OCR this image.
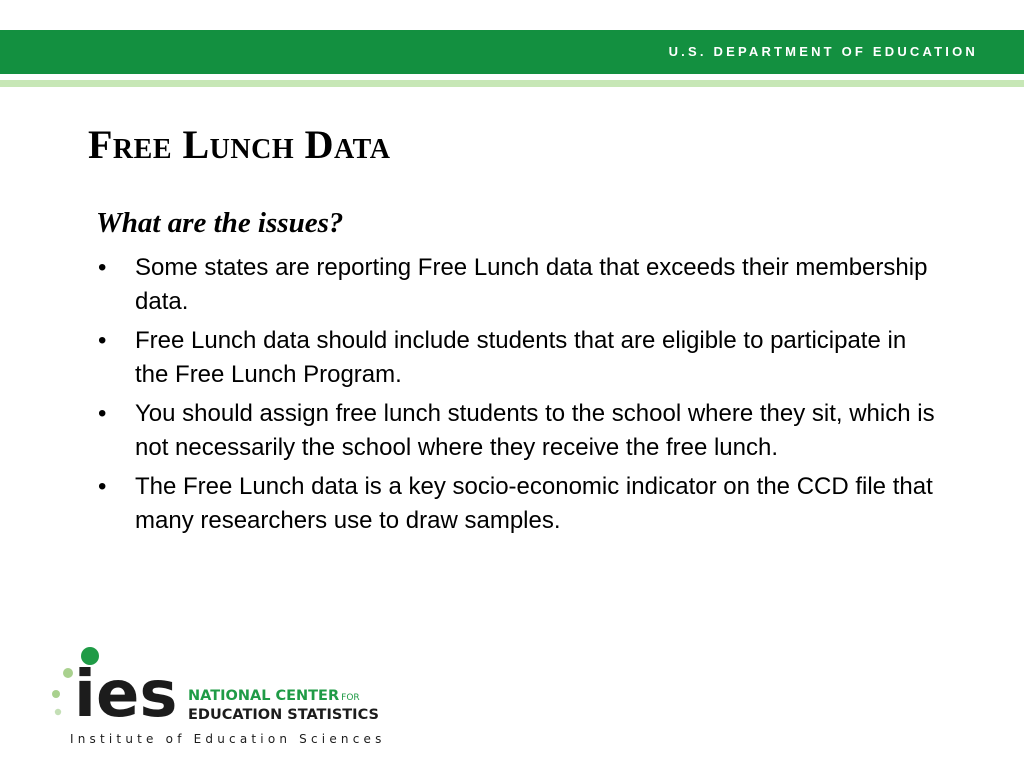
U.S. DEPARTMENT OF EDUCATION
Free Lunch Data
What are the issues?
• Some states are reporting Free Lunch data that exceeds their membership data.
• Free Lunch data should include students that are eligible to participate in the Free Lunch Program.
• You should assign free lunch students to the school where they sit, which is not necessarily the school where they receive the free lunch.
• The Free Lunch data is a key socio-economic indicator on the CCD file that many researchers use to draw samples.
ies NATIONAL CENTER FOR
EDUCATION STATISTICS
Institute of Education Sciences
